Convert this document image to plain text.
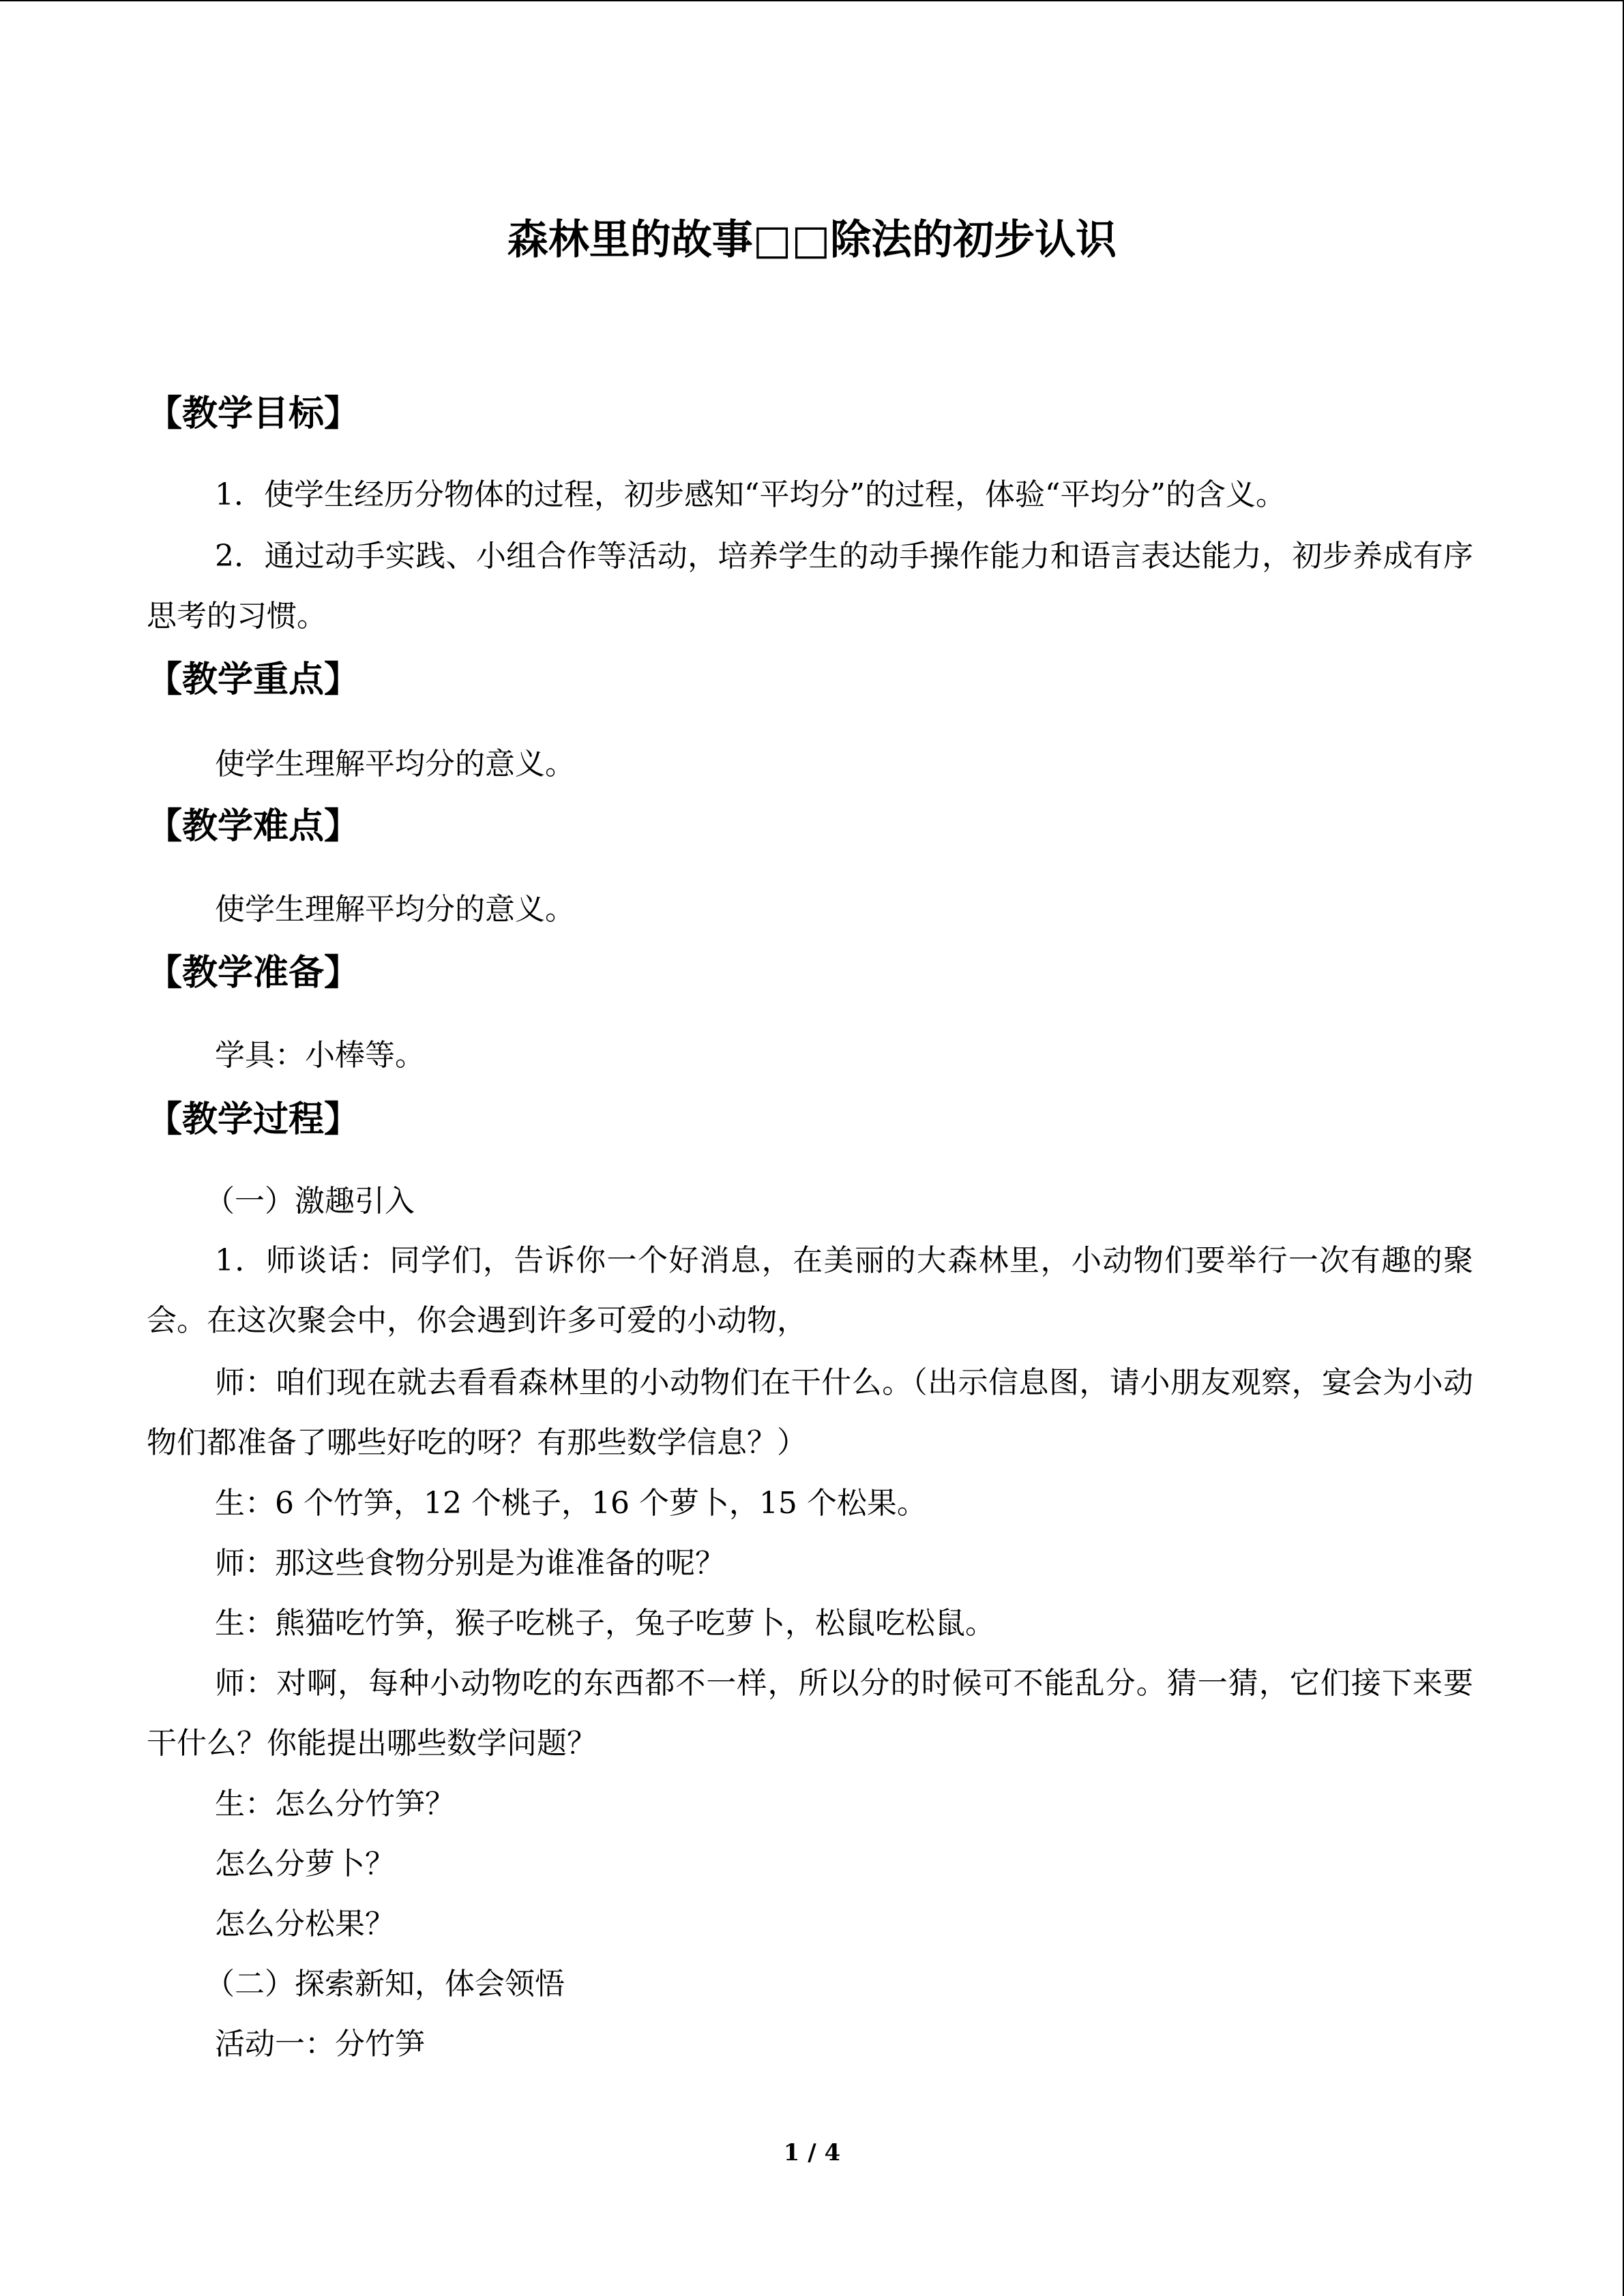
森林里的故事□□除法的初步认识
【教学目标】
1．使学生经历分物体的过程，初步感知“平均分”的过程，体验“平均分”的含义。
2．通过动手实践、小组合作等活动，培养学生的动手操作能力和语言表达能力，初步养成有序思考的习惯。
【教学重点】
使学生理解平均分的意义。
【教学难点】
使学生理解平均分的意义。
【教学准备】
学具：小棒等。
【教学过程】
（一）激趣引入
1．师谈话：同学们，告诉你一个好消息，在美丽的大森林里，小动物们要举行一次有趣的聚会。在这次聚会中，你会遇到许多可爱的小动物，
师：咱们现在就去看看森林里的小动物们在干什么。（出示信息图，请小朋友观察，宴会为小动物们都准备了哪些好吃的呀？有那些数学信息？）
生：6 个竹笋，12 个桃子，16 个萝卜，15 个松果。
师：那这些食物分别是为谁准备的呢？
生：熊猫吃竹笋，猴子吃桃子，兔子吃萝卜，松鼠吃松鼠。
师：对啊，每种小动物吃的东西都不一样，所以分的时候可不能乱分。猜一猜，它们接下来要干什么？你能提出哪些数学问题？
生：怎么分竹笋？
怎么分萝卜？
怎么分松果？
（二）探索新知，体会领悟
活动一：分竹笋
1 / 4
